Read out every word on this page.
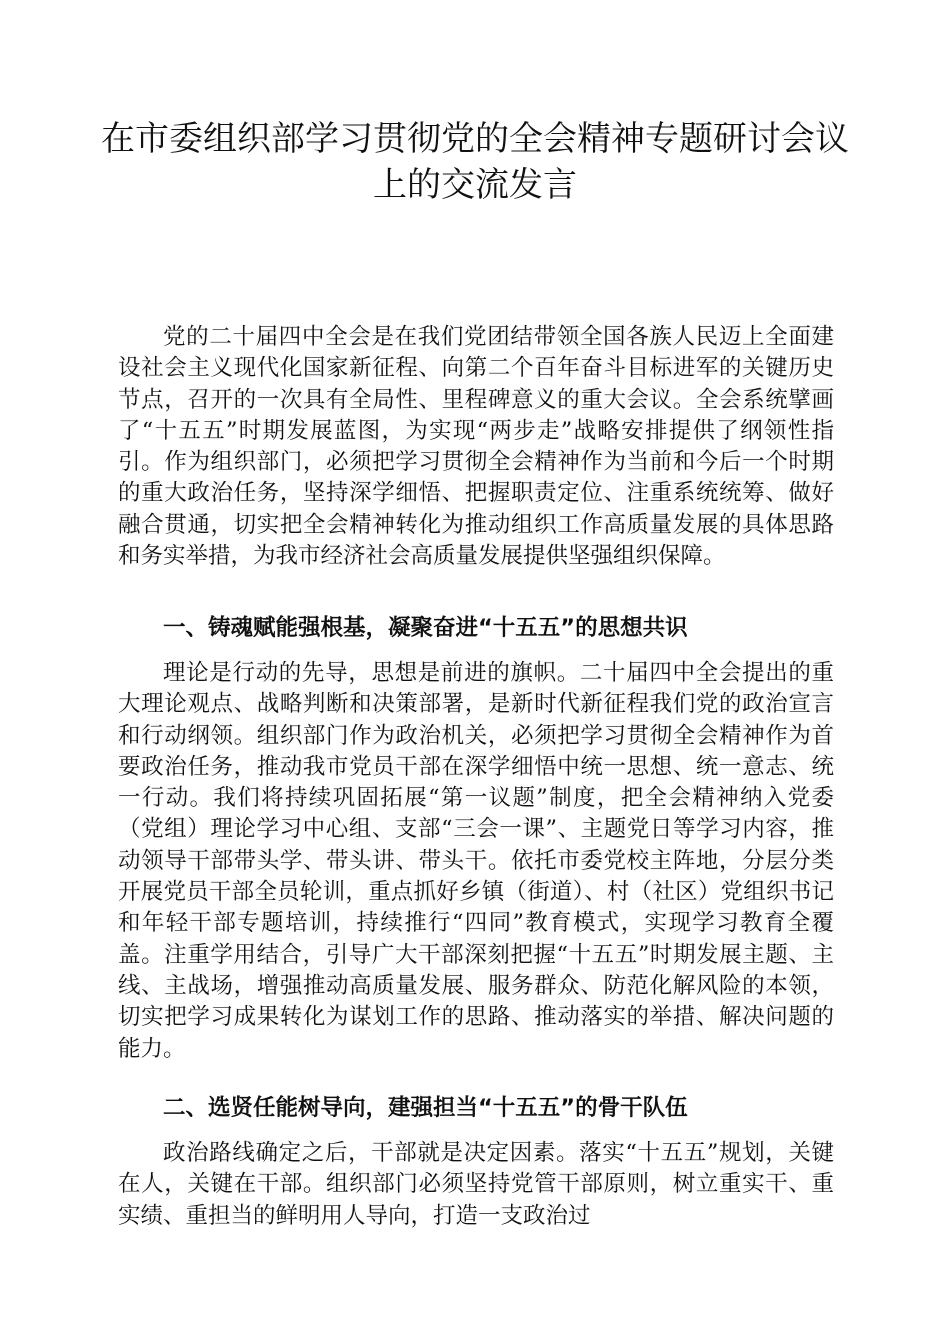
在市委组织部学习贯彻党的全会精神专题研讨会议上的交流发言

党的二十届四中全会是在我们党团结带领全国各族人民迈上全面建设社会主义现代化国家新征程、向第二个百年奋斗目标进军的关键历史节点，召开的一次具有全局性、里程碑意义的重大会议。全会系统擘画了“十五五”时期发展蓝图，为实现“两步走”战略安排提供了纲领性指引。作为组织部门，必须把学习贯彻全会精神作为当前和今后一个时期的重大政治任务，坚持深学细悟、把握职责定位、注重系统统筹、做好融合贯通，切实把全会精神转化为推动组织工作高质量发展的具体思路和务实举措，为我市经济社会高质量发展提供坚强组织保障。

一、铸魂赋能强根基，凝聚奋进“十五五”的思想共识

理论是行动的先导，思想是前进的旗帜。二十届四中全会提出的重大理论观点、战略判断和决策部署，是新时代新征程我们党的政治宣言和行动纲领。组织部门作为政治机关，必须把学习贯彻全会精神作为首要政治任务，推动我市党员干部在深学细悟中统一思想、统一意志、统一行动。我们将持续巩固拓展“第一议题”制度，把全会精神纳入党委（党组）理论学习中心组、支部“三会一课”、主题党日等学习内容，推动领导干部带头学、带头讲、带头干。依托市委党校主阵地，分层分类开展党员干部全员轮训，重点抓好乡镇（街道）、村（社区）党组织书记和年轻干部专题培训，持续推行“四同”教育模式，实现学习教育全覆盖。注重学用结合，引导广大干部深刻把握“十五五”时期发展主题、主线、主战场，增强推动高质量发展、服务群众、防范化解风险的本领，切实把学习成果转化为谋划工作的思路、推动落实的举措、解决问题的能力。

二、选贤任能树导向，建强担当“十五五”的骨干队伍

政治路线确定之后，干部就是决定因素。落实“十五五”规划，关键在人，关键在干部。组织部门必须坚持党管干部原则，树立重实干、重实绩、重担当的鲜明用人导向，打造一支政治过
